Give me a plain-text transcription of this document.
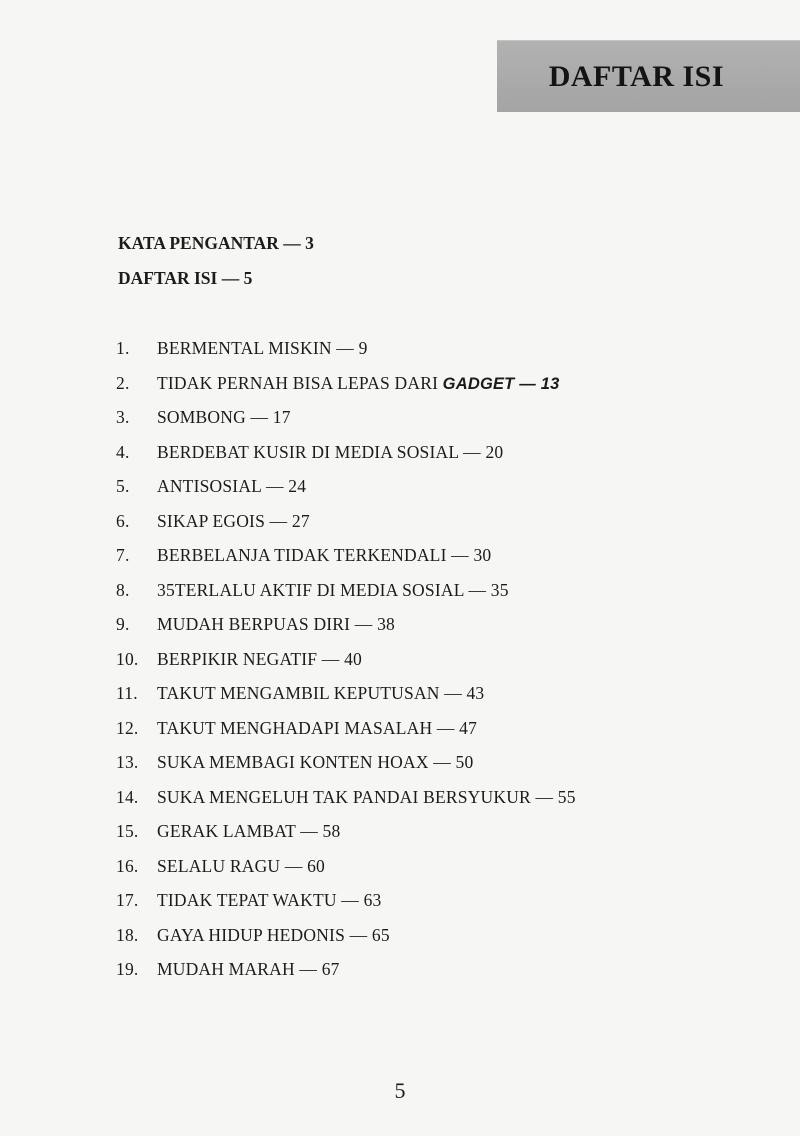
DAFTAR ISI
KATA PENGANTAR — 3
DAFTAR ISI — 5
1.	BERMENTAL MISKIN — 9
2.	TIDAK PERNAH BISA LEPAS DARI GADGET — 13
3.	SOMBONG — 17
4.	BERDEBAT KUSIR DI MEDIA SOSIAL — 20
5.	ANTISOSIAL — 24
6.	SIKAP EGOIS — 27
7.	BERBELANJA TIDAK TERKENDALI — 30
8.	35TERLALU AKTIF DI MEDIA SOSIAL — 35
9.	MUDAH BERPUAS DIRI — 38
10.	BERPIKIR NEGATIF — 40
11.	TAKUT MENGAMBIL KEPUTUSAN — 43
12.	TAKUT MENGHADAPI MASALAH — 47
13.	SUKA MEMBAGI KONTEN HOAX — 50
14.	SUKA MENGELUH TAK PANDAI BERSYUKUR — 55
15.	GERAK LAMBAT — 58
16.	SELALU RAGU — 60
17.	TIDAK TEPAT WAKTU — 63
18.	GAYA HIDUP HEDONIS — 65
19.	MUDAH MARAH — 67
5
